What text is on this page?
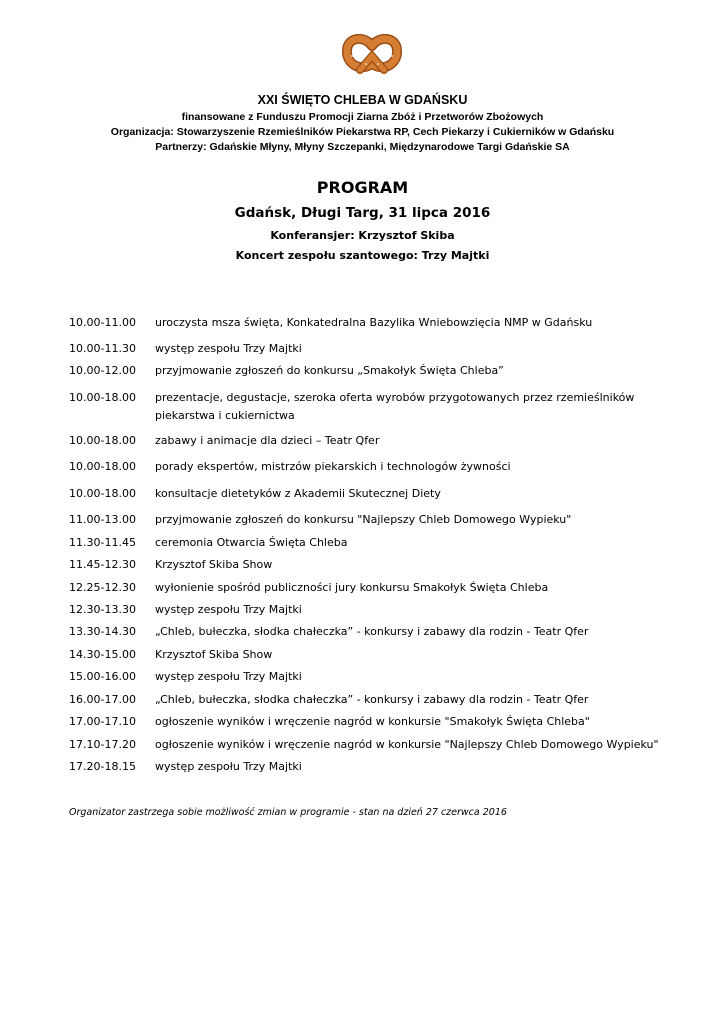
XXI ŚWIĘTO CHLEBA W GDAŃSKU
finansowane z Funduszu Promocji Ziarna Zbóż i Przetworów Zbożowych
Organizacja: Stowarzyszenie Rzemieślników Piekarstwa RP, Cech Piekarzy i Cukierników w Gdańsku
Partnerzy: Gdańskie Młyny, Młyny Szczepanki, Międzynarodowe Targi Gdańskie SA
PROGRAM
Gdańsk, Długi Targ, 31 lipca 2016
Konferansjer: Krzysztof Skiba
Koncert zespołu szantowego: Trzy Majtki
10.00-11.00	uroczysta msza święta, Konkatedralna Bazylika Wniebowzięcia NMP w Gdańsku
10.00-11.30	występ zespołu Trzy Majtki
10.00-12.00	przyjmowanie zgłoszeń do konkursu „Smakołyk Święta Chleba”
10.00-18.00	prezentacje, degustacje, szeroka oferta wyrobów przygotowanych przez rzemieślników piekarstwa i cukiernictwa
10.00-18.00	zabawy i animacje dla dzieci – Teatr Qfer
10.00-18.00	porady ekspertów, mistrzów piekarskich i technologów żywności
10.00-18.00	konsultacje dietetyków z Akademii Skutecznej Diety
11.00-13.00	przyjmowanie zgłoszeń do konkursu "Najlepszy Chleb Domowego Wypieku"
11.30-11.45	ceremonia Otwarcia Święta Chleba
11.45-12.30	Krzysztof Skiba Show
12.25-12.30	wyłonienie spośród publiczności jury konkursu Smakołyk Święta Chleba
12.30-13.30	występ zespołu Trzy Majtki
13.30-14.30	„Chleb, bułeczka, słodka chałeczka” - konkursy i zabawy dla rodzin - Teatr Qfer
14.30-15.00	Krzysztof Skiba Show
15.00-16.00	występ zespołu Trzy Majtki
16.00-17.00	„Chleb, bułeczka, słodka chałeczka” - konkursy i zabawy dla rodzin - Teatr Qfer
17.00-17.10	ogłoszenie wyników i wręczenie nagród w konkursie "Smakołyk Święta Chleba"
17.10-17.20	ogłoszenie wyników i wręczenie nagród w konkursie "Najlepszy Chleb Domowego Wypieku"
17.20-18.15	występ zespołu Trzy Majtki
Organizator zastrzega sobie możliwość zmian w programie - stan na dzień 27 czerwca 2016
